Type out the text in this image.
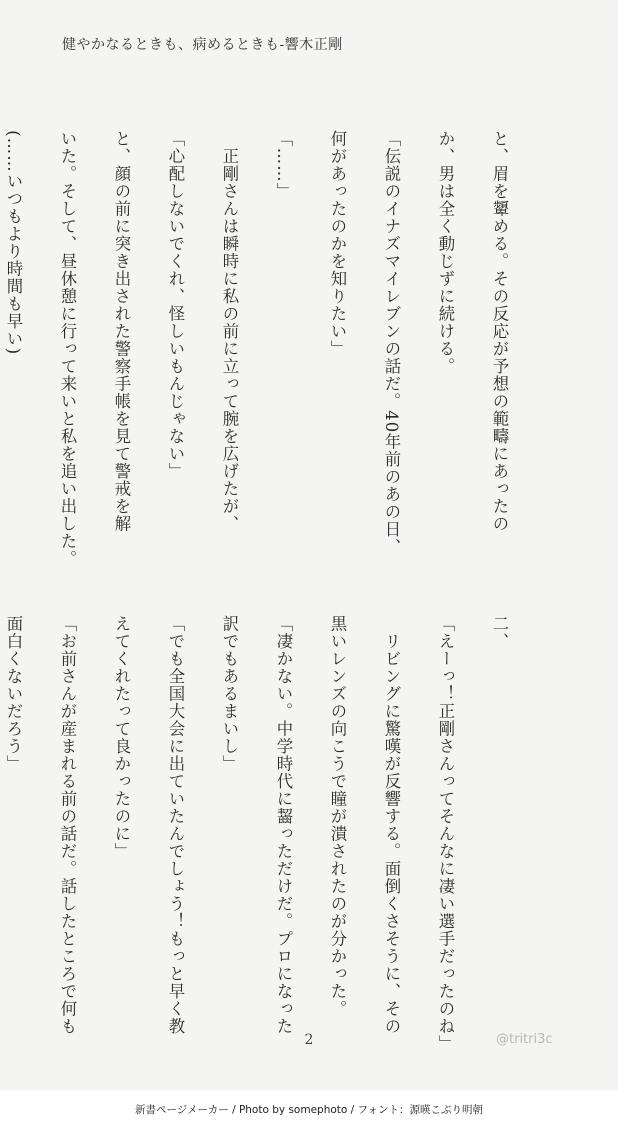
健やかなるときも、病めるときも-響木正剛

と、眉を顰める。その反応が予想の範疇にあったの

か、男は全く動じずに続ける。

「伝説のイナズマイレブンの話だ。40年前のあの日、

何があったのかを知りたい」

「……」

　正剛さんは瞬時に私の前に立って腕を広げたが、

「心配しないでくれ、怪しいもんじゃない」

と、顔の前に突き出された警察手帳を見て警戒を解

いた。そして、昼休憩に行って来いと私を追い出した。

(……いつもより時間も早い)

二、

「えーっ！正剛さんってそんなに凄い選手だったのね」

　リビングに驚嘆が反響する。面倒くさそうに、その

黒いレンズの向こうで瞳が潰されたのが分かった。

「凄かない。中学時代に齧っただけだ。プロになった

訳でもあるまいし」

「でも全国大会に出ていたんでしょう！もっと早く教

えてくれたって良かったのに」

「お前さんが産まれる前の話だ。話したところで何も

面白くないだろう」

2	@tritri3c
新書ページメーカー / Photo by somephoto / フォント：源暎こぶり明朝
